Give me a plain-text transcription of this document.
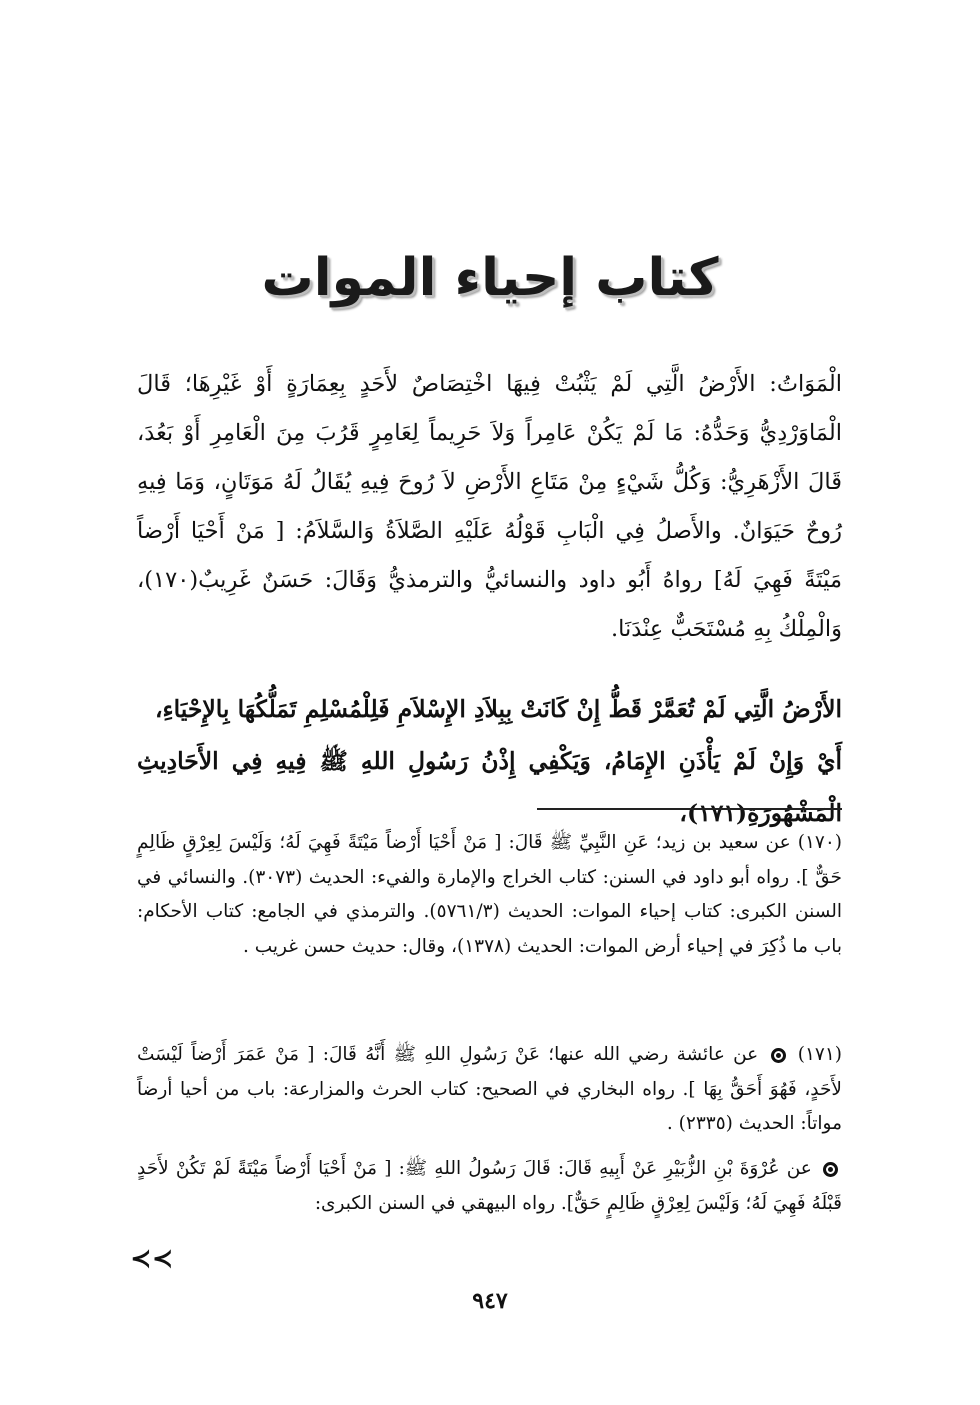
كتاب إحياء الموات
الْمَوَاتُ: الأَرْضُ الَّتِي لَمْ يَثْبُتْ فِيهَا اخْتِصَاصٌ لأَحَدٍ بِعِمَارَةٍ أَوْ غَيْرِهَا؛ قَالَ الْمَاوَرْدِيُّ وَحَدُّهُ: مَا لَمْ يَكُنْ عَامِراً وَلاَ حَرِيماً لِعَامِرٍ قَرُبَ مِنَ الْعَامِرِ أَوْ بَعُدَ، قَالَ الأَزْهَرِيُّ: وَكُلُّ شَيْءٍ مِنْ مَتَاعِ الأَرْضِ لاَ رُوحَ فِيهِ يُقَالُ لَهُ مَوَتَانٍ، وَمَا فِيهِ رُوحٌ حَيَوَانٌ. والأَصلُ فِي الْبَابِ قَوْلُهُ عَلَيْهِ الصَّلاَةُ وَالسَّلاَمُ: [ مَنْ أَحْيَا أَرْضاً مَيْتَةً فَهِيَ لَهُ] رواهُ أَبُو داود والنسائيُّ والترمذيُّ وَقَالَ: حَسَنٌ غَرِيبٌ(١٧٠)، وَالْمِلْكُ بِهِ مُسْتَحَبٌّ عِنْدَنَا.
الأَرْضُ الَّتِي لَمْ تُعَمَّرْ قَطُّ إِنْ كَانَتْ بِبِلاَدِ الإِسْلاَمِ فَلِلْمُسْلِمِ تَمَلُّكُهَا بِالإِحْيَاءِ،
أَيْ وَإِنْ لَمْ يَأْذَنِ الإِمَامُ، وَيَكْفِي إِذْنُ رَسُولِ اللهِ ﷺ فِيهِ فِي الأَحَادِيثِ الْمَشْهُورَةِ(١٧١)،
(١٧٠) عن سعيد بن زيد؛ عَنِ النَّبِيِّ ﷺ قَالَ: [ مَنْ أَحْيَا أَرْضاً مَيْتَةً فَهِيَ لَهُ؛ وَلَيْسَ لِعِرْقٍ ظَالِمٍ حَقٌّ ]. رواه أبو داود في السنن: كتاب الخراج والإمارة والفيء: الحديث (٣٠٧٣). والنسائي في السنن الكبرى: كتاب إحياء الموات: الحديث (٥٧٦١/٣). والترمذي في الجامع: كتاب الأحكام: باب ما ذُكِرَ في إحياء أرض الموات: الحديث (١٣٧٨)، وقال: حديث حسن غريب .
(١٧١)  عن عائشة رضي الله عنها؛ عَنْ رَسُولِ اللهِ ﷺ أَنَّهُ قَالَ: [ مَنْ عَمَرَ أَرْضاً لَيْسَتْ لأَحَدٍ، فَهُوَ أَحَقُّ بِهَا ]. رواه البخاري في الصحيح: كتاب الحرث والمزارعة: باب من أحيا أرضاً مواتاً: الحديث (٢٣٣٥) .
عن عُرْوَةَ بْنِ الزُّبَيْرِ عَنْ أَبِيهِ قَالَ: قَالَ رَسُولُ اللهِ ﷺ: [ مَنْ أَحْيَا أَرْضاً مَيْتَةً لَمْ تَكُنْ لأَحَدٍ قَبْلَهُ فَهِيَ لَهُ؛ وَلَيْسَ لِعِرْقٍ ظَالِمٍ حَقٌّ]. رواه البيهقي في السنن الكبرى:
≺≺
٩٤٧
